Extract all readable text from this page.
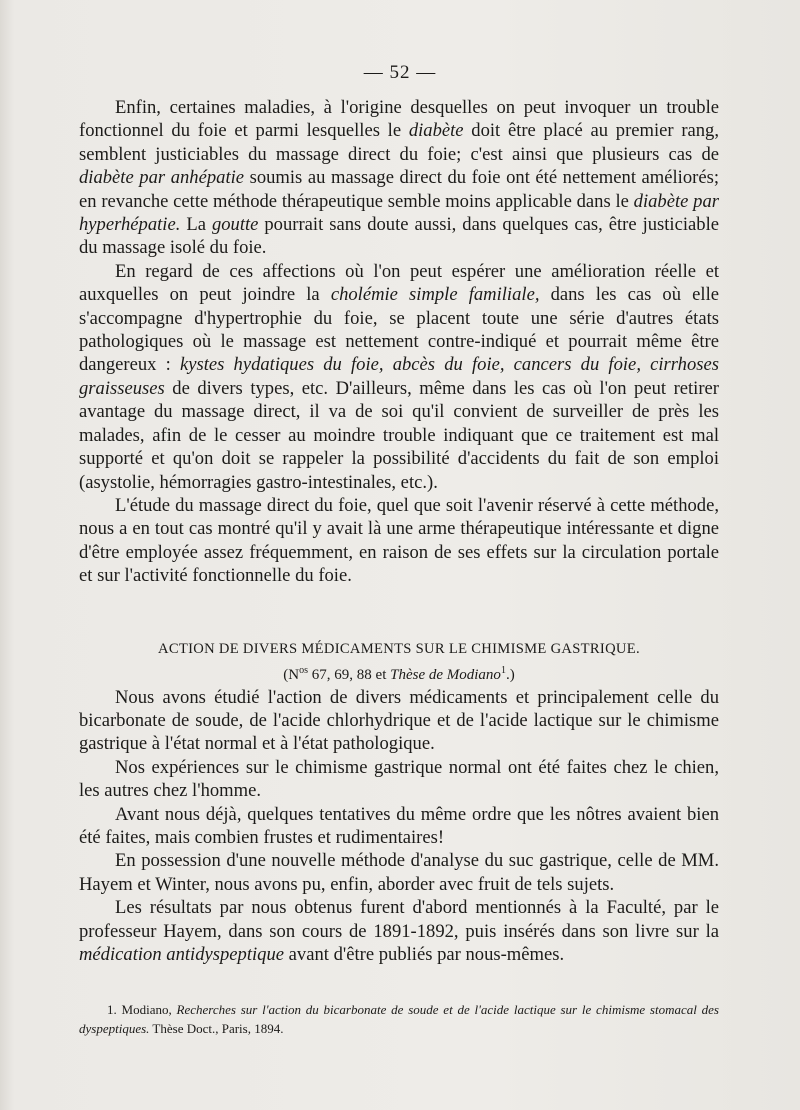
— 52 —

Enfin, certaines maladies, à l'origine desquelles on peut invoquer un trouble fonctionnel du foie et parmi lesquelles le diabète doit être placé au premier rang, semblent justiciables du massage direct du foie; c'est ainsi que plusieurs cas de diabète par anhépatie soumis au massage direct du foie ont été nettement améliorés; en revanche cette méthode thérapeutique semble moins applicable dans le diabète par hyperhépatie. La goutte pourrait sans doute aussi, dans quelques cas, être justiciable du massage isolé du foie.

En regard de ces affections où l'on peut espérer une amélioration réelle et auxquelles on peut joindre la cholémie simple familiale, dans les cas où elle s'accompagne d'hypertrophie du foie, se placent toute une série d'autres états pathologiques où le massage est nettement contre-indiqué et pourrait même être dangereux : kystes hydatiques du foie, abcès du foie, cancers du foie, cirrhoses graisseuses de divers types, etc. D'ailleurs, même dans les cas où l'on peut retirer avantage du massage direct, il va de soi qu'il convient de surveiller de près les malades, afin de le cesser au moindre trouble indiquant que ce traitement est mal supporté et qu'on doit se rappeler la possibilité d'accidents du fait de son emploi (asystolie, hémorragies gastro-intestinales, etc.).

L'étude du massage direct du foie, quel que soit l'avenir réservé à cette méthode, nous a en tout cas montré qu'il y avait là une arme thérapeutique intéressante et digne d'être employée assez fréquemment, en raison de ses effets sur la circulation portale et sur l'activité fonctionnelle du foie.

ACTION DE DIVERS MÉDICAMENTS SUR LE CHIMISME GASTRIQUE.

($N^{os}$ 67, 69, 88 et Thèse de Modiano$^1$.)

Nous avons étudié l'action de divers médicaments et principalement celle du bicarbonate de soude, de l'acide chlorhydrique et de l'acide lactique sur le chimisme gastrique à l'état normal et à l'état pathologique.

Nos expériences sur le chimisme gastrique normal ont été faites chez le chien, les autres chez l'homme.

Avant nous déjà, quelques tentatives du même ordre que les nôtres avaient bien été faites, mais combien frustes et rudimentaires!

En possession d'une nouvelle méthode d'analyse du suc gastrique, celle de MM. Hayem et Winter, nous avons pu, enfin, aborder avec fruit de tels sujets.

Les résultats par nous obtenus furent d'abord mentionnés à la Faculté, par le professeur Hayem, dans son cours de 1891-1892, puis insérés dans son livre sur la médication antidyspeptique avant d'être publiés par nous-mêmes.

1. Modiano, Recherches sur l'action du bicarbonate de soude et de l'acide lactique sur le chimisme stomacal des dyspeptiques. Thèse Doct., Paris, 1894.
